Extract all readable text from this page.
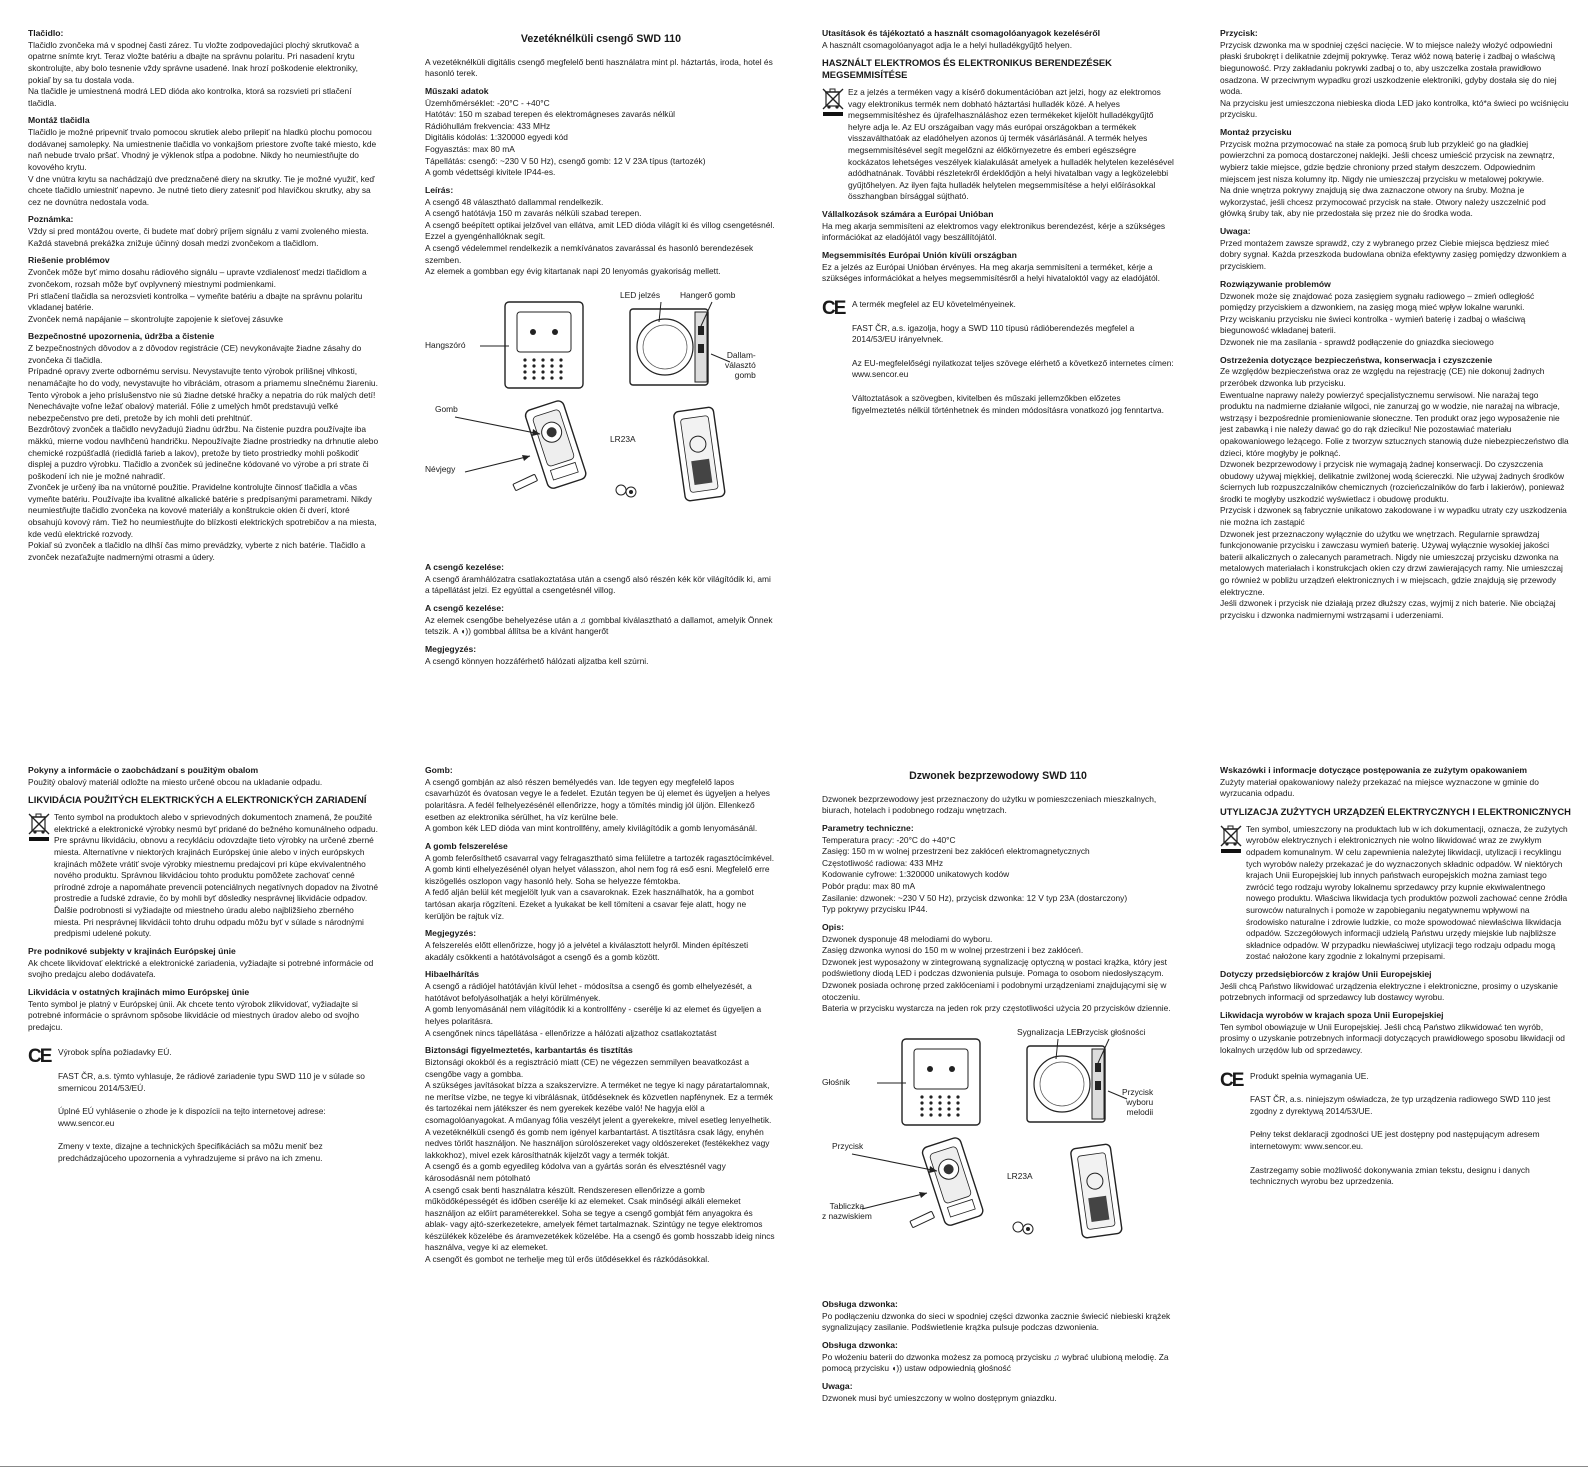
Tlačidlo:

Tlačidlo zvončeka má v spodnej časti zárez. Tu vložte zodpovedajúci plochý skrutkovač a opatrne snímte kryt. Teraz vložte batériu a dbajte na správnu polaritu. Pri nasadení krytu skontrolujte, aby bolo tesnenie vždy správne usadené. Inak hrozí poškodenie elektroniky, pokiaľ by sa tu dostala voda.
Na tlačidle je umiestnená modrá LED dióda ako kontrolka, ktorá sa rozsvieti pri stlačení tlačidla.

Montáž tlačidla

Tlačidlo je možné pripevniť trvalo pomocou skrutiek alebo prilepiť na hladkú plochu pomocou dodávanej samolepky. Na umiestnenie tlačidla vo vonkajšom priestore zvoľte také miesto, kde naň nebude trvalo pršať. Vhodný je výklenok stĺpa a podobne. Nikdy ho neumiestňujte do kovového krytu.
V dne vnútra krytu sa nachádzajú dve predznačené diery na skrutky. Tie je možné využiť, keď chcete tlačidlo umiestniť napevno. Je nutné tieto diery zatesniť pod hlavičkou skrutky, aby sa cez ne dovnútra nedostala voda.

Poznámka:

Vždy si pred montážou overte, či budete mať dobrý príjem signálu z vami zvoleného miesta. Každá stavebná prekážka znižuje účinný dosah medzi zvončekom a tlačidlom.

Riešenie problémov

Zvonček môže byť mimo dosahu rádiového signálu – upravte vzdialenosť medzi tlačidlom a zvončekom, rozsah môže byť ovplyvnený miestnymi podmienkami.
Pri stlačení tlačidla sa nerozsvieti kontrolka – vymeňte batériu a dbajte na správnu polaritu vkladanej batérie.
Zvonček nemá napájanie – skontrolujte zapojenie k sieťovej zásuvke

Bezpečnostné upozornenia, údržba a čistenie

Z bezpečnostných dôvodov a z dôvodov registrácie (CE) nevykonávajte žiadne zásahy do zvončeka či tlačidla.
Prípadné opravy zverte odbornému servisu. Nevystavujte tento výrobok prílišnej vlhkosti, nenamáčajte ho do vody, nevystavujte ho vibráciám, otrasom a priamemu slnečnému žiareniu. Tento výrobok a jeho príslušenstvo nie sú žiadne detské hračky a nepatria do rúk malých detí! Nenechávajte voľne ležať obalový materiál. Fólie z umelých hmôt predstavujú veľké nebezpečenstvo pre deti, pretože by ich mohli deti prehltnúť.
Bezdrôtový zvonček a tlačidlo nevyžadujú žiadnu údržbu. Na čistenie puzdra používajte iba mäkkú, mierne vodou navlhčenú handričku. Nepoužívajte žiadne prostriedky na drhnutie alebo chemické rozpúšťadlá (riedidlá farieb a lakov), pretože by tieto prostriedky mohli poškodiť displej a puzdro výrobku. Tlačidlo a zvonček sú jedinečne kódované vo výrobe a pri strate či poškodení ich nie je možné nahradiť.
Zvonček je určený iba na vnútorné použitie. Pravidelne kontrolujte činnosť tlačidla a včas vymeňte batériu. Používajte iba kvalitné alkalické batérie s predpísanými parametrami. Nikdy neumiestňujte tlačidlo zvončeka na kovové materiály a konštrukcie okien či dverí, ktoré obsahujú kovový rám. Tiež ho neumiestňujte do blízkosti elektrických spotrebičov a na miesta, kde vedú elektrické rozvody.
Pokiaľ sú zvonček a tlačidlo na dlhší čas mimo prevádzky, vyberte z nich batérie. Tlačidlo a zvonček nezaťažujte nadmernými otrasmi a údery.

Vezetéknélküli csengő SWD 110

A vezetéknélküli digitális csengő megfelelő benti használatra mint pl. háztartás, iroda, hotel és hasonló terek.

Műszaki adatok

Üzemhőmérséklet: -20°C - +40°C
Hatótáv: 150 m szabad terepen és elektromágneses zavarás nélkül
Rádióhullám frekvencia: 433 MHz
Digitális kódolás: 1:320000 egyedi kód
Fogyasztás: max 80 mA
Tápellátás: csengő: ~230 V 50 Hz), csengő gomb: 12 V 23A típus (tartozék)
A gomb védettségi kivitele IP44-es.

Leírás:

A csengő 48 választható dallammal rendelkezik.
A csengő hatótávja 150 m zavarás nélküli szabad terepen.
A csengő beépített optikai jelzővel van ellátva, amit LED dióda világít ki és villog csengetésnél. Ezzel a gyengénhallóknak segít.
A csengő védelemmel rendelkezik a nemkívánatos zavarással és hasonló berendezések szemben.
Az elemek a gombban egy évig kitartanak napi 20 lenyomás gyakoriság mellett.

LED jelzés Hangerő gomb
Hangszóró
Dallam-
választó
gomb
Gomb
LR23A
Névjegy
A csengő kezelése:

A csengő áramhálózatra csatlakoztatása után a csengő alsó részén kék kör világítódik ki, ami a tápellátást jelzi. Ez egyúttal a csengetésnél villog.

A csengő kezelése:

Az elemek csengőbe behelyezése után a ♫ gombbal kiválasztható a dallamot, amelyik Önnek tetszik. A ◖)) gombbal állítsa be a kívánt hangerőt

Megjegyzés:

A csengő könnyen hozzáférhető hálózati aljzatba kell szúrni.

Utasítások és tájékoztató a használt csomagolóanyagok kezeléséről

A használt csomagolóanyagot adja le a helyi hulladékgyűjtő helyen.

HASZNÁLT ELEKTROMOS ÉS ELEKTRONIKUS BERENDEZÉSEK MEGSEMMISÍTÉSE

Ez a jelzés a terméken vagy a kísérő dokumentációban azt jelzi, hogy az elektromos vagy elektronikus termék nem dobható háztartási hulladék közé. A helyes megsemmisítéshez és újrafelhasználáshoz ezen termékeket kijelölt hulladékgyűjtő helyre adja le. Az EU országaiban vagy más európai országokban a termékek visszaválthatóak az eladóhelyen azonos új termék vásárlásánál. A termék helyes megsemmisítésével segít megelőzni az élőkörnyezetre és emberi egészségre kockázatos lehetséges veszélyek kialakulását amelyek a hulladék helytelen kezelésével adódhatnának. További részletekről érdeklődjön a helyi hivatalban vagy a legközelebbi gyűjtőhelyen. Az ilyen fajta hulladék helytelen megsemmisítése a helyi előírásokkal összhangban bírsággal sújtható.

Vállalkozások számára a Európai Unióban

Ha meg akarja semmisíteni az elektromos vagy elektronikus berendezést, kérje a szükséges információkat az eladójától vagy beszállítójától.

Megsemmisítés Európai Unión kívüli országban

Ez a jelzés az Európai Unióban érvényes. Ha meg akarja semmisíteni a terméket, kérje a szükséges információkat a helyes megsemmisítésről a helyi hivataloktól vagy az eladójától.

CE A termék megfelel az EU követelményeinek.

FAST ČR, a.s. igazolja, hogy a SWD 110 típusú rádióberendezés megfelel a 2014/53/EU irányelvnek.

Az EU-megfelelőségi nyilatkozat teljes szövege elérhető a következő internetes címen: www.sencor.eu

Változtatások a szövegben, kivitelben és műszaki jellemzőkben előzetes figyelmeztetés nélkül történhetnek és minden módosításra vonatkozó jog fenntartva.

Przycisk:

Przycisk dzwonka ma w spodniej części nacięcie. W to miejsce należy włożyć odpowiedni płaski śrubokręt i delikatnie zdejmij pokrywkę. Teraz włóż nową baterię i zadbaj o właściwą biegunowość. Przy zakładaniu pokrywki zadbaj o to, aby uszczelka została prawidłowo osadzona. W przeciwnym wypadku grozi uszkodzenie elektroniki, gdyby dostała się do niej woda.
Na przycisku jest umieszczona niebieska dioda LED jako kontrolka, któ*a świeci po wciśnięciu przycisku.

Montaż przycisku

Przycisk można przymocować na stałe za pomocą śrub lub przykleić go na gładkiej powierzchni za pomocą dostarczonej naklejki. Jeśli chcesz umieścić przycisk na zewnątrz, wybierz takie miejsce, gdzie będzie chroniony przed stałym deszczem. Odpowiednim miejscem jest nisza kolumny itp. Nigdy nie umieszczaj przycisku w metalowej pokrywie.
Na dnie wnętrza pokrywy znajdują się dwa zaznaczone otwory na śruby. Można je wykorzystać, jeśli chcesz przymocować przycisk na stałe. Otwory należy uszczelnić pod główką śruby tak, aby nie przedostała się przez nie do środka woda.

Uwaga:

Przed montażem zawsze sprawdź, czy z wybranego przez Ciebie miejsca będziesz mieć dobry sygnał. Każda przeszkoda budowlana obniża efektywny zasięg pomiędzy dzwonkiem a przyciskiem.

Rozwiązywanie problemów

Dzwonek może się znajdować poza zasięgiem sygnału radiowego – zmień odległość pomiędzy przyciskiem a dzwonkiem, na zasięg mogą mieć wpływ lokalne warunki.
Przy wciskaniu przycisku nie świeci kontrolka - wymień baterię i zadbaj o właściwą biegunowość wkładanej baterii.
Dzwonek nie ma zasilania - sprawdź podłączenie do gniazdka sieciowego

Ostrzeżenia dotyczące bezpieczeństwa, konserwacja i czyszczenie

Ze względów bezpieczeństwa oraz ze względu na rejestrację (CE) nie dokonuj żadnych przeróbek dzwonka lub przycisku.
Ewentualne naprawy należy powierzyć specjalistycznemu serwisowi. Nie narażaj tego produktu na nadmierne działanie wilgoci, nie zanurzaj go w wodzie, nie narażaj na wibracje, wstrząsy i bezpośrednie promieniowanie słoneczne. Ten produkt oraz jego wyposażenie nie jest zabawką i nie należy dawać go do rąk dzieciku! Nie pozostawiać materiału opakowaniowego leżącego. Folie z tworzyw sztucznych stanowią duże niebezpieczeństwo dla dzieci, które mogłyby je połknąć.
Dzwonek bezprzewodowy i przycisk nie wymagają żadnej konserwacji. Do czyszczenia obudowy używaj miękkiej, delikatnie zwilżonej wodą ściereczki. Nie używaj żadnych środków ściernych lub rozpuszczalników chemicznych (rozcieńczalników do farb i lakierów), ponieważ środki te mogłyby uszkodzić wyświetlacz i obudowę produktu.
Przycisk i dzwonek są fabrycznie unikatowo zakodowane i w wypadku utraty czy uszkodzenia nie można ich zastąpić
Dzwonek jest przeznaczony wyłącznie do użytku we wnętrzach. Regularnie sprawdzaj funkcjonowanie przycisku i zawczasu wymień baterię. Używaj wyłącznie wysokiej jakości baterii alkalicznych o zalecanych parametrach. Nigdy nie umieszczaj przycisku dzwonka na metalowych materiałach i konstrukcjach okien czy drzwi zawierających ramy. Nie umieszczaj go również w pobliżu urządzeń elektronicznych i w miejscach, gdzie znajdują się przewody elektryczne.
Jeśli dzwonek i przycisk nie działają przez dłuższy czas, wyjmij z nich baterie. Nie obciążaj przycisku i dzwonka nadmiernymi wstrząsami i uderzeniami.

Pokyny a informácie o zaobchádzaní s použitým obalom

Použitý obalový materiál odložte na miesto určené obcou na ukladanie odpadu.

LIKVIDÁCIA POUŽITÝCH ELEKTRICKÝCH A ELEKTRONICKÝCH ZARIADENÍ

Tento symbol na produktoch alebo v sprievodných dokumentoch znamená, že použité elektrické a elektronické výrobky nesmú byť pridané do bežného komunálneho odpadu. Pre správnu likvidáciu, obnovu a recykláciu odovzdajte tieto výrobky na určené zberné miesta. Alternatívne v niektorých krajinách Európskej únie alebo v iných európskych krajinách môžete vrátiť svoje výrobky miestnemu predajcovi pri kúpe ekvivalentného nového produktu. Správnou likvidáciou tohto produktu pomôžete zachovať cenné prírodné zdroje a napomáhate prevencii potenciálnych negatívnych dopadov na životné prostredie a ľudské zdravie, čo by mohli byť dôsledky nesprávnej likvidácie odpadov. Ďalšie podrobnosti si vyžiadajte od miestneho úradu alebo najbližšieho zberného miesta. Pri nesprávnej likvidácii tohto druhu odpadu môžu byť v súlade s národnými predpismi udelené pokuty.

Pre podnikové subjekty v krajinách Európskej únie

Ak chcete likvidovať elektrické a elektronické zariadenia, vyžiadajte si potrebné informácie od svojho predajcu alebo dodávateľa.

Likvidácia v ostatných krajinách mimo Európskej únie

Tento symbol je platný v Európskej únii. Ak chcete tento výrobok zlikvidovať, vyžiadajte si potrebné informácie o správnom spôsobe likvidácie od miestnych úradov alebo od svojho predajcu.

CE Výrobok spĺňa požiadavky EÚ.

FAST ČR, a.s. týmto vyhlasuje, že rádiové zariadenie typu SWD 110 je v súlade so smernicou 2014/53/EÚ.

Úplné EÚ vyhlásenie o zhode je k dispozícii na tejto internetovej adrese: www.sencor.eu

Zmeny v texte, dizajne a technických špecifikáciách sa môžu meniť bez predchádzajúceho upozornenia a vyhradzujeme si právo na ich zmenu.

Gomb:

A csengő gombján az alsó részen bemélyedés van. Ide tegyen egy megfelelő lapos csavarhúzót és óvatosan vegye le a fedelet. Ezután tegyen be új elemet és ügyeljen a helyes polaritásra. A fedél felhelyezésénél ellenőrizze, hogy a tömítés mindig jól üljön. Ellenkező esetben az elektronika sérülhet, ha víz kerülne bele.
A gombon kék LED dióda van mint kontrollfény, amely kivilágítódik a gomb lenyomásánál.

A gomb felszerelése

A gomb felerősíthető csavarral vagy felragasztható sima felületre a tartozék ragasztócímkével. A gomb kinti elhelyezésénél olyan helyet válasszon, ahol nem fog rá eső esni. Megfelelő erre kiszögellés oszlopon vagy hasonló hely. Soha se helyezze fémtokba.
A fedő alján belül két megjelölt lyuk van a csavaroknak. Ezek használhatók, ha a gombot tartósan akarja rögzíteni. Ezeket a lyukakat be kell tömíteni a csavar feje alatt, hogy ne kerüljön be rajtuk víz.

Megjegyzés:

A felszerelés előtt ellenőrizze, hogy jó a jelvétel a kiválasztott helyről. Minden építészeti akadály csökkenti a hatótávolságot a csengő és a gomb között.

Hibaelhárítás

A csengő a rádiójel hatótávján kívül lehet - módosítsa a csengő és gomb elhelyezését, a hatótávot befolyásolhatják a helyi körülmények.
A gomb lenyomásánál nem világítódik ki a kontrollfény - cserélje ki az elemet és ügyeljen a helyes polaritásra.
A csengőnek nincs tápellátása - ellenőrizze a hálózati aljzathoz csatlakoztatást

Biztonsági figyelmeztetés, karbantartás és tisztítás

Biztonsági okokból és a regisztráció miatt (CE) ne végezzen semmilyen beavatkozást a csengőbe vagy a gombba.
A szükséges javításokat bízza a szakszervizre. A terméket ne tegye ki nagy páratartalomnak, ne merítse vízbe, ne tegye ki vibrálásnak, ütődéseknek és közvetlen napfénynek. Ez a termék és tartozékai nem játékszer és nem gyerekek kezébe való! Ne hagyja elöl a csomagolóanyagokat. A műanyag fólia veszélyt jelent a gyerekekre, mivel esetleg lenyelhetik.
A vezetéknélküli csengő és gomb nem igényel karbantartást. A tisztításra csak lágy, enyhén nedves törlőt használjon. Ne használjon súrolószereket vagy oldószereket (festékekhez vagy lakkokhoz), mivel ezek károsíthatnák kijelzőt vagy a termék tokját.
A csengő és a gomb egyedileg kódolva van a gyártás során és elvesztésnél vagy károsodásnál nem pótolható
A csengő csak benti használatra készült. Rendszeresen ellenőrizze a gomb működőképességét és időben cserélje ki az elemeket. Csak minőségi alkáli elemeket használjon az előírt paraméterekkel. Soha se tegye a csengő gombját fém anyagokra és ablak- vagy ajtó-szerkezetekre, amelyek fémet tartalmaznak. Szintúgy ne tegye elektromos készülékek közelébe és áramvezetékek közelébe. Ha a csengő és gomb hosszabb ideig nincs használva, vegye ki az elemeket.
A csengőt és gombot ne terhelje meg túl erős ütődésekkel és rázkódásokkal.

Dzwonek bezprzewodowy SWD 110

Dzwonek bezprzewodowy jest przeznaczony do użytku w pomieszczeniach mieszkalnych, biurach, hotelach i podobnego rodzaju wnętrzach.

Parametry techniczne:

Temperatura pracy: -20°C do +40°C
Zasięg: 150 m w wolnej przestrzeni bez zakłóceń elektromagnetycznych
Częstotliwość radiowa: 433 MHz
Kodowanie cyfrowe: 1:320000 unikatowych kodów
Pobór prądu: max 80 mA
Zasilanie: dzwonek: ~230 V 50 Hz), przycisk dzwonka: 12 V typ 23A (dostarczony)
Typ pokrywy przycisku IP44.

Opis:

Dzwonek dysponuje 48 melodiami do wyboru.
Zasięg dzwonka wynosi do 150 m w wolnej przestrzeni i bez zakłóceń.
Dzwonek jest wyposażony w zintegrowaną sygnalizację optyczną w postaci krążka, który jest podświetlony diodą LED i podczas dzwonienia pulsuje. Pomaga to osobom niedosłyszącym.
Dzwonek posiada ochronę przed zakłóceniami i podobnymi urządzeniami znajdującymi się w otoczeniu.
Bateria w przycisku wystarcza na jeden rok przy częstotliwości użycia 20 przycisków dziennie.

Sygnalizacja LED
Przycisk głośności
Głośnik
Przycisk
wyboru
melodii
Przycisk
LR23A
Tabliczka
z nazwiskiem
Obsługa dzwonka:

Po podłączeniu dzwonka do sieci w spodniej części dzwonka zacznie świecić niebieski krążek sygnalizujący zasilanie. Podświetlenie krążka pulsuje podczas dzwonienia.

Obsługa dzwonka:

Po włożeniu baterii do dzwonka możesz za pomocą przycisku ♫ wybrać ulubioną melodię. Za pomocą przycisku ◖)) ustaw odpowiednią głośność

Uwaga:

Dzwonek musi być umieszczony w wolno dostępnym gniazdku.

Wskazówki i informacje dotyczące postępowania ze zużytym opakowaniem

Zużyty materiał opakowaniowy należy przekazać na miejsce wyznaczone w gminie do wyrzucania odpadu.

UTYLIZACJA ZUŻYTYCH URZĄDZEŃ ELEKTRYCZNYCH I ELEKTRONICZNYCH

Ten symbol, umieszczony na produktach lub w ich dokumentacji, oznacza, że zużytych wyrobów elektrycznych i elektronicznych nie wolno likwidować wraz ze zwykłym odpadem komunalnym. W celu zapewnienia należytej likwidacji, utylizacji i recyklingu tych wyrobów należy przekazać je do wyznaczonych składnic odpadów. W niektórych krajach Unii Europejskiej lub innych państwach europejskich można zamiast tego zwrócić tego rodzaju wyroby lokalnemu sprzedawcy przy kupnie ekwiwalentnego nowego produktu. Właściwa likwidacja tych produktów pozwoli zachować cenne źródła surowców naturalnych i pomoże w zapobieganiu negatywnemu wpływowi na środowisko naturalne i zdrowie ludzkie, co może spowodować niewłaściwa likwidacja odpadów. Szczegółowych informacji udzielą Państwu urzędy miejskie lub najbliższe składnice odpadów. W przypadku niewłaściwej utylizacji tego rodzaju odpadu mogą zostać nałożone kary zgodnie z lokalnymi przepisami.

Dotyczy przedsiębiorców z krajów Unii Europejskiej

Jeśli chcą Państwo likwidować urządzenia elektryczne i elektroniczne, prosimy o uzyskanie potrzebnych informacji od sprzedawcy lub dostawcy wyrobu.

Likwidacja wyrobów w krajach spoza Unii Europejskiej

Ten symbol obowiązuje w Unii Europejskiej. Jeśli chcą Państwo zlikwidować ten wyrób, prosimy o uzyskanie potrzebnych informacji dotyczących prawidłowego sposobu likwidacji od lokalnych urzędów lub od sprzedawcy.

CE Produkt spełnia wymagania UE.

FAST ČR, a.s. niniejszym oświadcza, że typ urządzenia radiowego SWD 110 jest zgodny z dyrektywą 2014/53/UE.

Pełny tekst deklaracji zgodności UE jest dostępny pod następującym adresem internetowym: www.sencor.eu.

Zastrzegamy sobie możliwość dokonywania zmian tekstu, designu i danych technicznych wyrobu bez uprzedzenia.
